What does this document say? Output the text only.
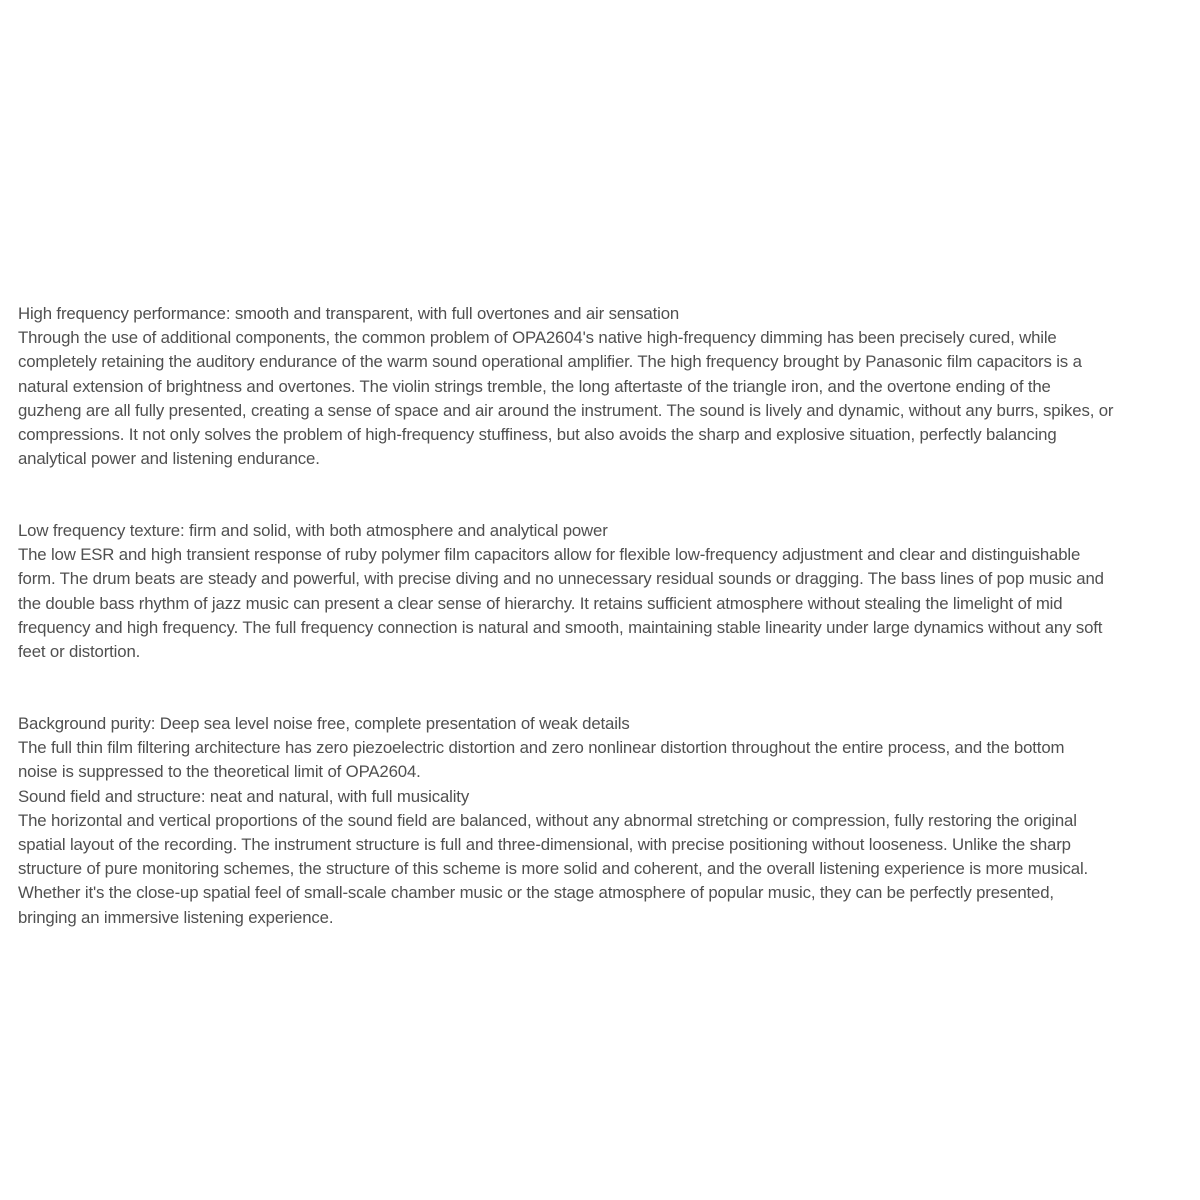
High frequency performance: smooth and transparent, with full overtones and air sensation
Through the use of additional components, the common problem of OPA2604's native high-frequency dimming has been precisely cured, while
completely retaining the auditory endurance of the warm sound operational amplifier. The high frequency brought by Panasonic film capacitors is a
natural extension of brightness and overtones. The violin strings tremble, the long aftertaste of the triangle iron, and the overtone ending of the
guzheng are all fully presented, creating a sense of space and air around the instrument. The sound is lively and dynamic, without any burrs, spikes, or
compressions. It not only solves the problem of high-frequency stuffiness, but also avoids the sharp and explosive situation, perfectly balancing
analytical power and listening endurance.
Low frequency texture: firm and solid, with both atmosphere and analytical power
The low ESR and high transient response of ruby polymer film capacitors allow for flexible low-frequency adjustment and clear and distinguishable
form. The drum beats are steady and powerful, with precise diving and no unnecessary residual sounds or dragging. The bass lines of pop music and
the double bass rhythm of jazz music can present a clear sense of hierarchy. It retains sufficient atmosphere without stealing the limelight of mid
frequency and high frequency. The full frequency connection is natural and smooth, maintaining stable linearity under large dynamics without any soft
feet or distortion.
Background purity: Deep sea level noise free, complete presentation of weak details
The full thin film filtering architecture has zero piezoelectric distortion and zero nonlinear distortion throughout the entire process, and the bottom
noise is suppressed to the theoretical limit of OPA2604.
Sound field and structure: neat and natural, with full musicality
The horizontal and vertical proportions of the sound field are balanced, without any abnormal stretching or compression, fully restoring the original
spatial layout of the recording. The instrument structure is full and three-dimensional, with precise positioning without looseness. Unlike the sharp
structure of pure monitoring schemes, the structure of this scheme is more solid and coherent, and the overall listening experience is more musical.
Whether it's the close-up spatial feel of small-scale chamber music or the stage atmosphere of popular music, they can be perfectly presented,
bringing an immersive listening experience.
